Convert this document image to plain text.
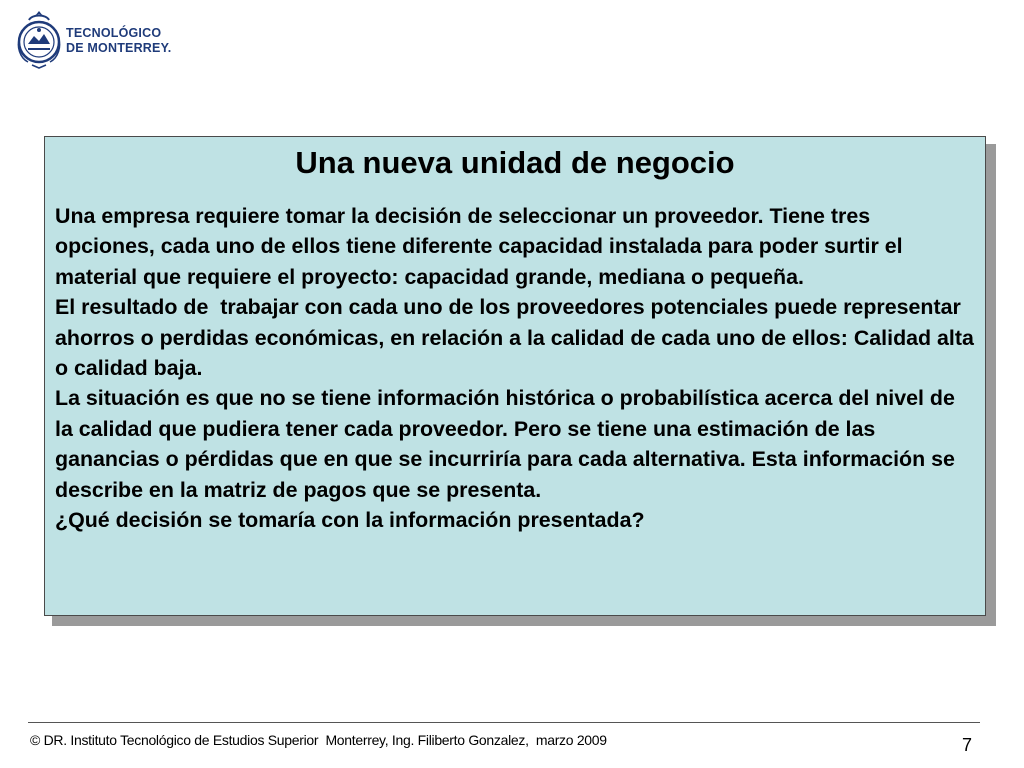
TECNOLÓGICO
DE MONTERREY.
Una nueva unidad de negocio

Una empresa requiere tomar la decisión de seleccionar un proveedor. Tiene tres opciones, cada uno de ellos tiene diferente capacidad instalada para poder surtir el material que requiere el proyecto: capacidad grande, mediana o pequeña.

El resultado de  trabajar con cada uno de los proveedores potenciales puede representar ahorros o perdidas económicas, en relación a la calidad de cada uno de ellos: Calidad alta o calidad baja.

La situación es que no se tiene información histórica o probabilística acerca del nivel de la calidad que pudiera tener cada proveedor. Pero se tiene una estimación de las ganancias o pérdidas que en que se incurriría para cada alternativa. Esta información se describe en la matriz de pagos que se presenta.

¿Qué decisión se tomaría con la información presentada?

© DR. Instituto Tecnológico de Estudios Superior  Monterrey, Ing. Filiberto Gonzalez,  marzo 2009	7
